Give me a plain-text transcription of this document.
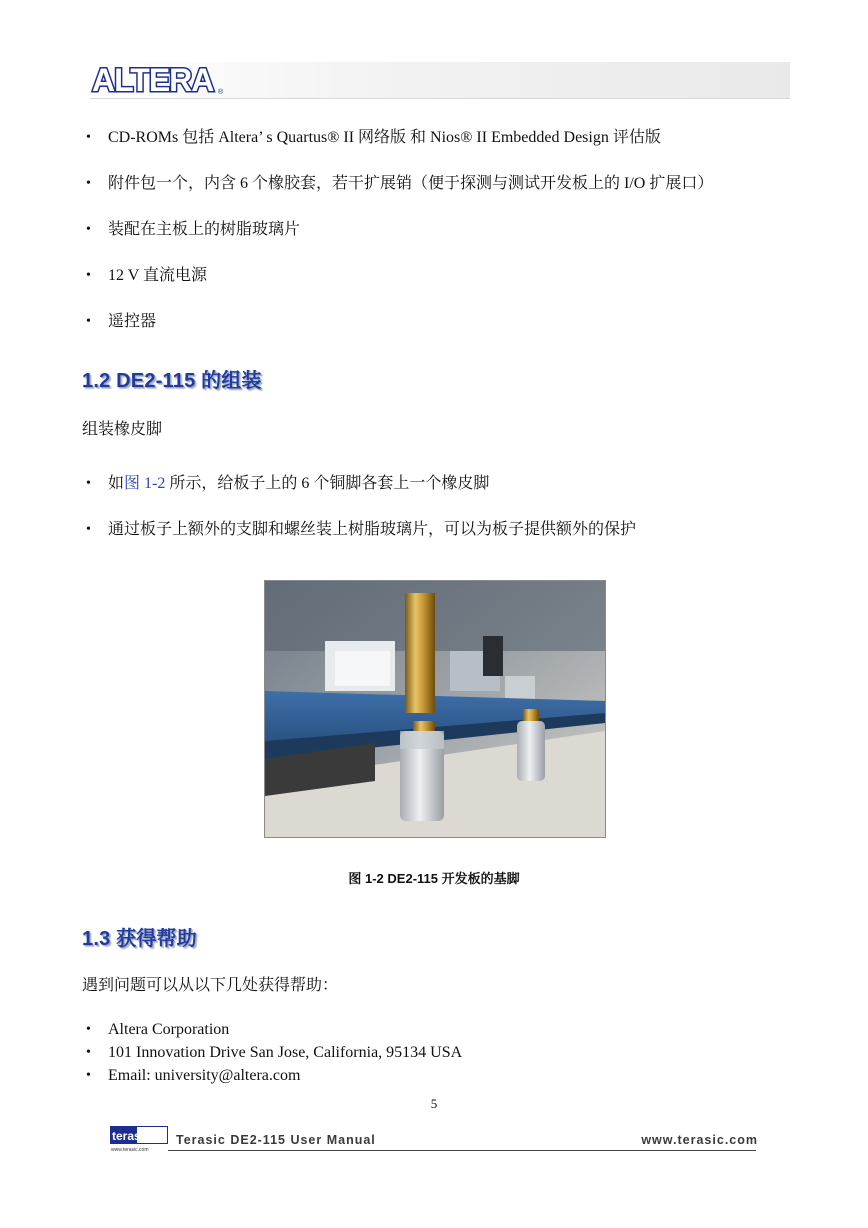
ALTERA ®
• CD-ROMs 包括 Altera’ s Quartus® II 网络版 和 Nios® II Embedded Design 评估版
• 附件包一个，内含 6 个橡胶套，若干扩展销（便于探测与测试开发板上的 I/O 扩展口）
• 装配在主板上的树脂玻璃片
• 12 V 直流电源
• 遥控器
1.2 DE2-115 的组装
组装橡皮脚
• 如图 1-2 所示，给板子上的 6 个铜脚各套上一个橡皮脚
• 通过板子上额外的支脚和螺丝装上树脂玻璃片，可以为板子提供额外的保护
图 1-2 DE2-115 开发板的基脚
1.3 获得帮助
遇到问题可以从以下几处获得帮助：
• Altera Corporation
• 101 Innovation Drive San Jose, California, 95134 USA
• Email: university@altera.com
5
terasIC
www.terasic.com
Terasic DE2-115 User Manual	www.terasic.com
